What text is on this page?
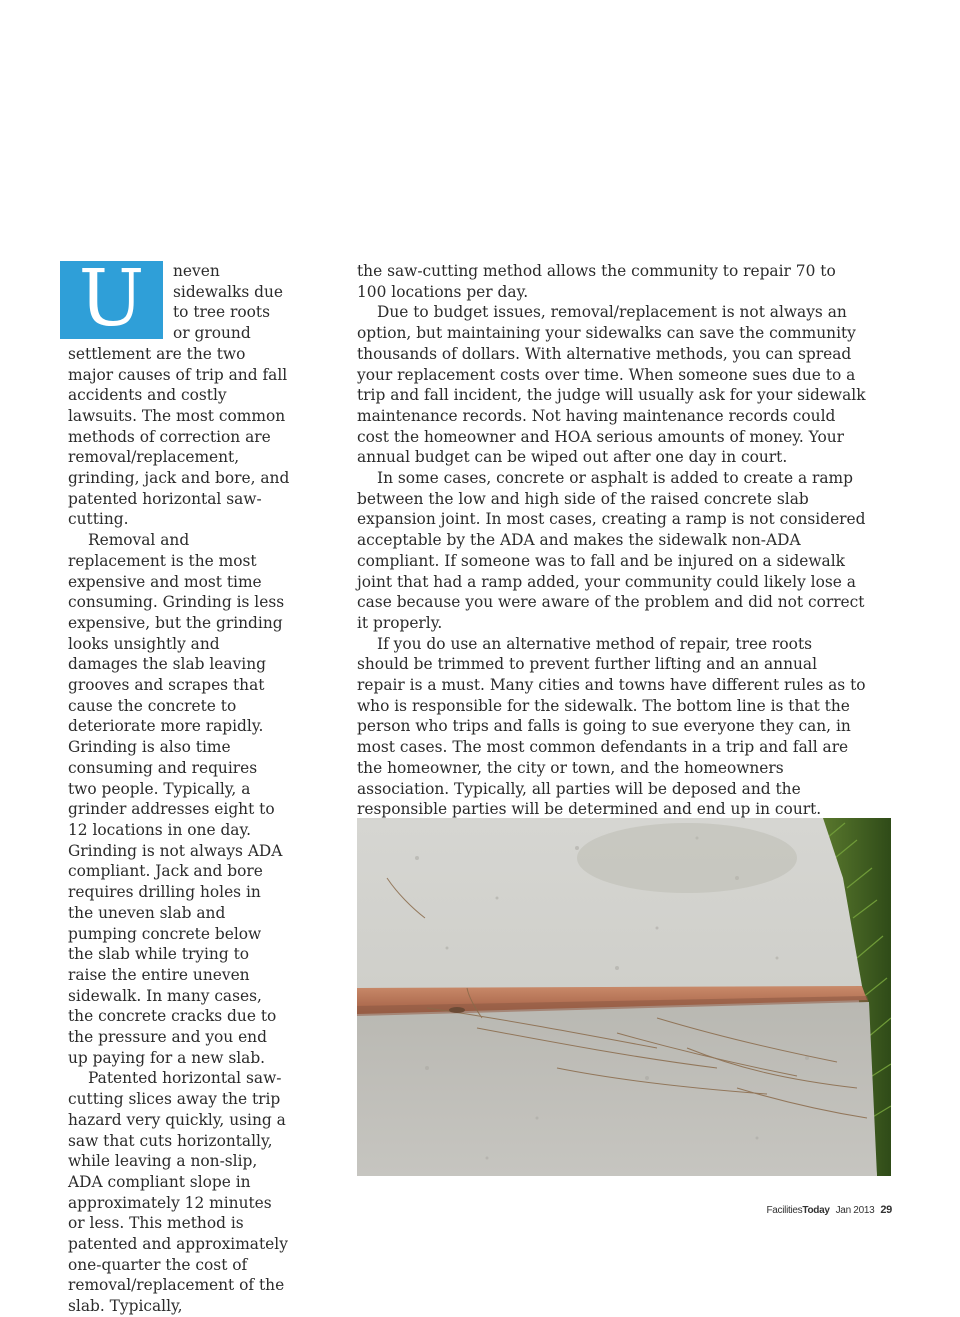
U	neven sidewalks due to tree roots or ground settlement are the two major causes of trip and fall accidents and costly lawsuits. The most common methods of correction are removal/replacement, grinding, jack and bore, and patented horizontal saw-cutting.

Removal and replacement is the most expensive and most time consuming. Grinding is less expensive, but the grinding looks unsightly and damages the slab leaving grooves and scrapes that cause the concrete to deteriorate more rapidly. Grinding is also time consuming and requires two people. Typically, a grinder addresses eight to 12 locations in one day. Grinding is not always ADA compliant. Jack and bore requires drilling holes in the uneven slab and pumping concrete below the slab while trying to raise the entire uneven sidewalk. In many cases, the concrete cracks due to the pressure and you end up paying for a new slab.

Patented horizontal saw-cutting slices away the trip hazard very quickly, using a saw that cuts horizontally, while leaving a non-slip, ADA compliant slope in approximately 12 minutes or less. This method is patented and approximately one-quarter the cost of removal/replacement of the slab. Typically,

the saw-cutting method allows the community to repair 70 to 100 locations per day.

Due to budget issues, removal/replacement is not always an option, but maintaining your sidewalks can save the community thousands of dollars. With alternative methods, you can spread your replacement costs over time. When someone sues due to a trip and fall incident, the judge will usually ask for your sidewalk maintenance records. Not having maintenance records could cost the homeowner and HOA serious amounts of money. Your annual budget can be wiped out after one day in court.

In some cases, concrete or asphalt is added to create a ramp between the low and high side of the raised concrete slab expansion joint. In most cases, creating a ramp is not considered acceptable by the ADA and makes the sidewalk non-ADA compliant. If someone was to fall and be injured on a sidewalk joint that had a ramp added, your community could likely lose a case because you were aware of the problem and did not correct it properly.

If you do use an alternative method of repair, tree roots should be trimmed to prevent further lifting and an annual repair is a must. Many cities and towns have different rules as to who is responsible for the sidewalk. The bottom line is that the person who trips and falls is going to sue everyone they can, in most cases. The most common defendants in a trip and fall are the homeowner, the city or town, and the homeowners association. Typically, all parties will be deposed and the responsible parties will be determined and end up in court.

FacilitiesToday Jan 2013 29
